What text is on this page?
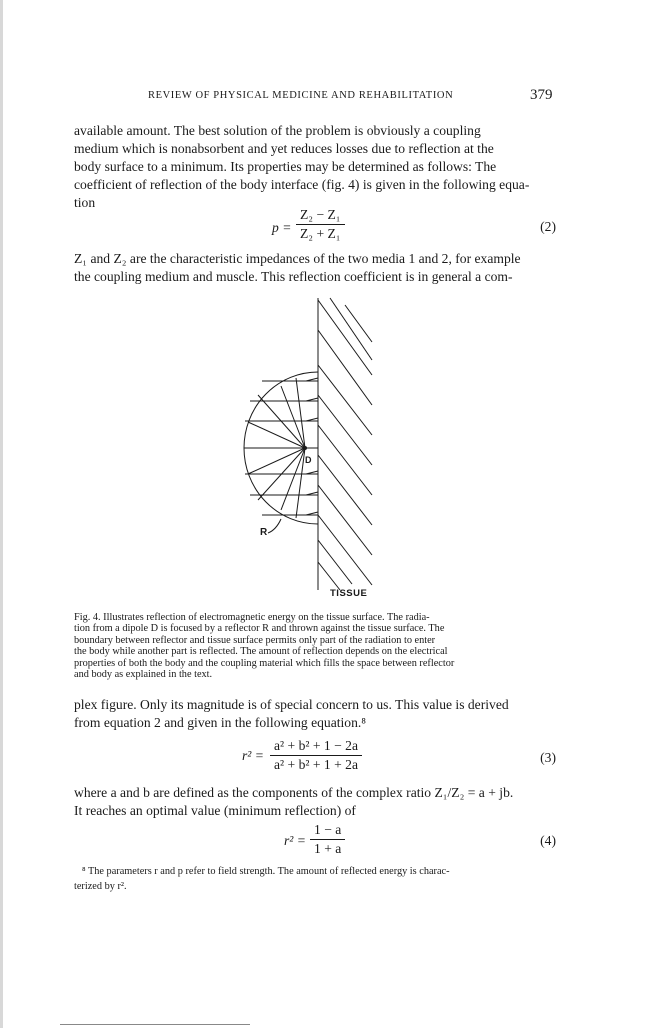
REVIEW OF PHYSICAL MEDICINE AND REHABILITATION	379
available amount. The best solution of the problem is obviously a coupling
medium which is nonabsorbent and yet reduces losses due to reflection at the
body surface to a minimum. Its properties may be determined as follows: The
coefficient of reflection of the body interface (fig. 4) is given in the following equa-
tion
p =
Z₂ − Z₁
Z₂ + Z₁	(2)
Z₁ and Z₂ are the characteristic impedances of the two media 1 and 2, for example
the coupling medium and muscle. This reflection coefficient is in general a com-
D
R
TISSUE
Fig. 4. Illustrates reflection of electromagnetic energy on the tissue surface. The radia-
tion from a dipole D is focused by a reflector R and thrown against the tissue surface. The
boundary between reflector and tissue surface permits only part of the radiation to enter
the body while another part is reflected. The amount of reflection depends on the electrical
properties of both the body and the coupling material which fills the space between reflector
and body as explained in the text.
plex figure. Only its magnitude is of special concern to us. This value is derived
from equation 2 and given in the following equation.⁸
r² =
a² + b² + 1 − 2a
a² + b² + 1 + 2a	(3)
where a and b are defined as the components of the complex ratio Z₁/Z₂ = a + jb.
It reaches an optimal value (minimum reflection) of
r² =
1 − a
1 + a
(4)
⁸ The parameters r and p refer to field strength. The amount of reflected energy is charac-
terized by r².
